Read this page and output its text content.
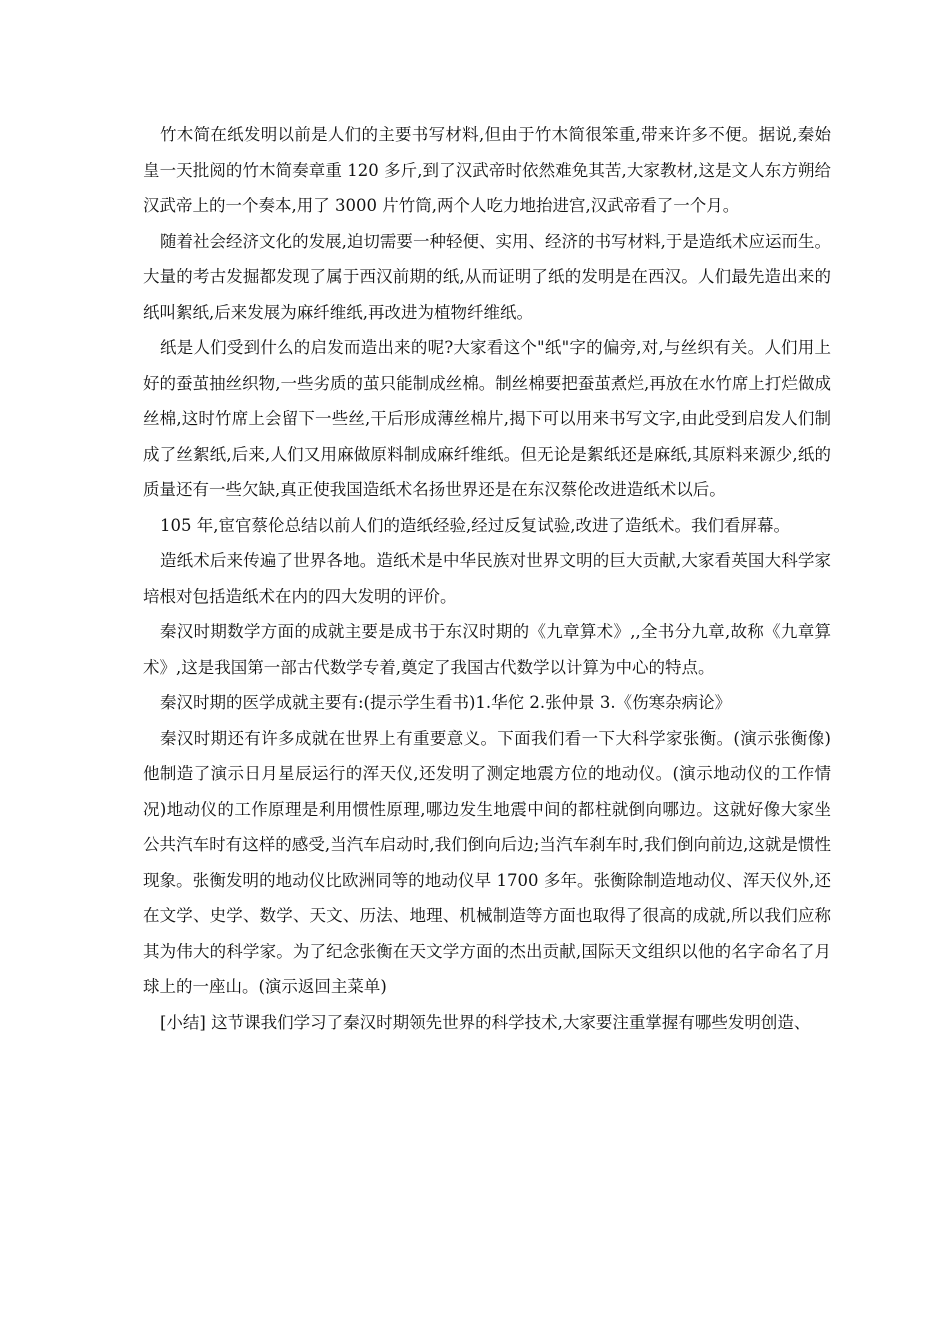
竹木简在纸发明以前是人们的主要书写材料,但由于竹木简很笨重,带来许多不便。据说,秦始皇一天批阅的竹木简奏章重 120 多斤,到了汉武帝时依然难免其苦,大家教材,这是文人东方朔给汉武帝上的一个奏本,用了 3000 片竹筒,两个人吃力地抬进宫,汉武帝看了一个月。

随着社会经济文化的发展,迫切需要一种轻便、实用、经济的书写材料,于是造纸术应运而生。大量的考古发掘都发现了属于西汉前期的纸,从而证明了纸的发明是在西汉。人们最先造出来的纸叫絮纸,后来发展为麻纤维纸,再改进为植物纤维纸。

纸是人们受到什么的启发而造出来的呢?大家看这个"纸"字的偏旁,对,与丝织有关。人们用上好的蚕茧抽丝织物,一些劣质的茧只能制成丝棉。制丝棉要把蚕茧煮烂,再放在水竹席上打烂做成丝棉,这时竹席上会留下一些丝,干后形成薄丝棉片,揭下可以用来书写文字,由此受到启发人们制成了丝絮纸,后来,人们又用麻做原料制成麻纤维纸。但无论是絮纸还是麻纸,其原料来源少,纸的质量还有一些欠缺,真正使我国造纸术名扬世界还是在东汉蔡伦改进造纸术以后。

105 年,宦官蔡伦总结以前人们的造纸经验,经过反复试验,改进了造纸术。我们看屏幕。

造纸术后来传遍了世界各地。造纸术是中华民族对世界文明的巨大贡献,大家看英国大科学家培根对包括造纸术在内的四大发明的评价。

秦汉时期数学方面的成就主要是成书于东汉时期的《九章算术》,,全书分九章,故称《九章算术》,这是我国第一部古代数学专着,奠定了我国古代数学以计算为中心的特点。

秦汉时期的医学成就主要有:(提示学生看书)1.华佗 2.张仲景 3.《伤寒杂病论》

秦汉时期还有许多成就在世界上有重要意义。下面我们看一下大科学家张衡。(演示张衡像)他制造了演示日月星辰运行的浑天仪,还发明了测定地震方位的地动仪。(演示地动仪的工作情况)地动仪的工作原理是利用惯性原理,哪边发生地震中间的都柱就倒向哪边。这就好像大家坐公共汽车时有这样的感受,当汽车启动时,我们倒向后边;当汽车刹车时,我们倒向前边,这就是惯性现象。张衡发明的地动仪比欧洲同等的地动仪早 1700 多年。张衡除制造地动仪、浑天仪外,还在文学、史学、数学、天文、历法、地理、机械制造等方面也取得了很高的成就,所以我们应称其为伟大的科学家。为了纪念张衡在天文学方面的杰出贡献,国际天文组织以他的名字命名了月球上的一座山。(演示返回主菜单)

[小结] 这节课我们学习了秦汉时期领先世界的科学技术,大家要注重掌握有哪些发明创造、
